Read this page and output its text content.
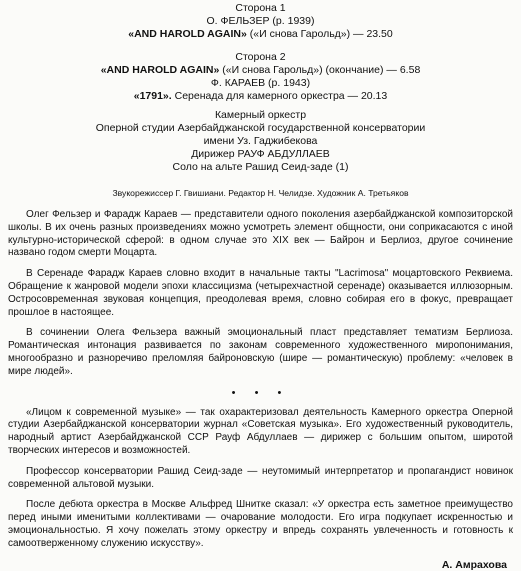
Сторона 1

О. ФЕЛЬЗЕР (р. 1939)

«AND HAROLD AGAIN» («И снова Гарольд») — 23.50

Сторона 2

«AND HAROLD AGAIN» («И снова Гарольд») (окончание) — 6.58

Ф. КАРАЕВ (р. 1943)

«1791». Серенада для камерного оркестра — 20.13

Камерный оркестр

Оперной студии Азербайджанской государственной консерватории

имени Уз. Гаджибекова

Дирижер РАУФ АБДУЛЛАЕВ

Соло на альте Рашид Сеид-заде (1)

Звукорежиссер Г. Гвишиани. Редактор Н. Челидзе. Художник А. Третьяков

Олег Фельзер и Фарадж Караев — представители одного поколения азербайджанской композиторской школы. В их очень разных произведениях можно усмотреть элемент общности, они соприкасаются с иной культурно-исторической сферой: в одном случае это XIX век — Байрон и Берлиоз, другое сочинение названо годом смерти Моцарта.

В Серенаде Фарадж Караев словно входит в начальные такты "Lacrimosa" моцартовского Реквиема. Обращение к жанровой модели эпохи классицизма (четырехчастной серенаде) оказывается иллюзорным. Остросовременная звуковая концепция, преодолевая время, словно собирая его в фокус, превращает прошлое в настоящее.

В сочинении Олега Фельзера важный эмоциональный пласт представляет тематизм Берлиоза. Романтическая интонация развивается по законам современного художественного миропонимания, многообразно и разноречиво преломляя байроновскую (шире — романтическую) проблему: «человек в мире людей».

• • •

«Лицом к современной музыке» — так охарактеризовал деятельность Камерного оркестра Оперной студии Азербайджанской консерватории журнал «Советская музыка». Его художественный руководитель, народный артист Азербайджанской ССР Рауф Абдуллаев — дирижер с большим опытом, широтой творческих интересов и возможностей.

Профессор консерватории Рашид Сеид-заде — неутомимый интерпретатор и пропагандист новинок современной альтовой музыки.

После дебюта оркестра в Москве Альфред Шнитке сказал: «У оркестра есть заметное преимущество перед иными именитыми коллективами — очарование молодости. Его игра подкупает искренностью и эмоциональностью. Я хочу пожелать этому оркестру и впредь сохранять увлеченность и готовность к самоотверженному служению искусству».

А. Амрахова
